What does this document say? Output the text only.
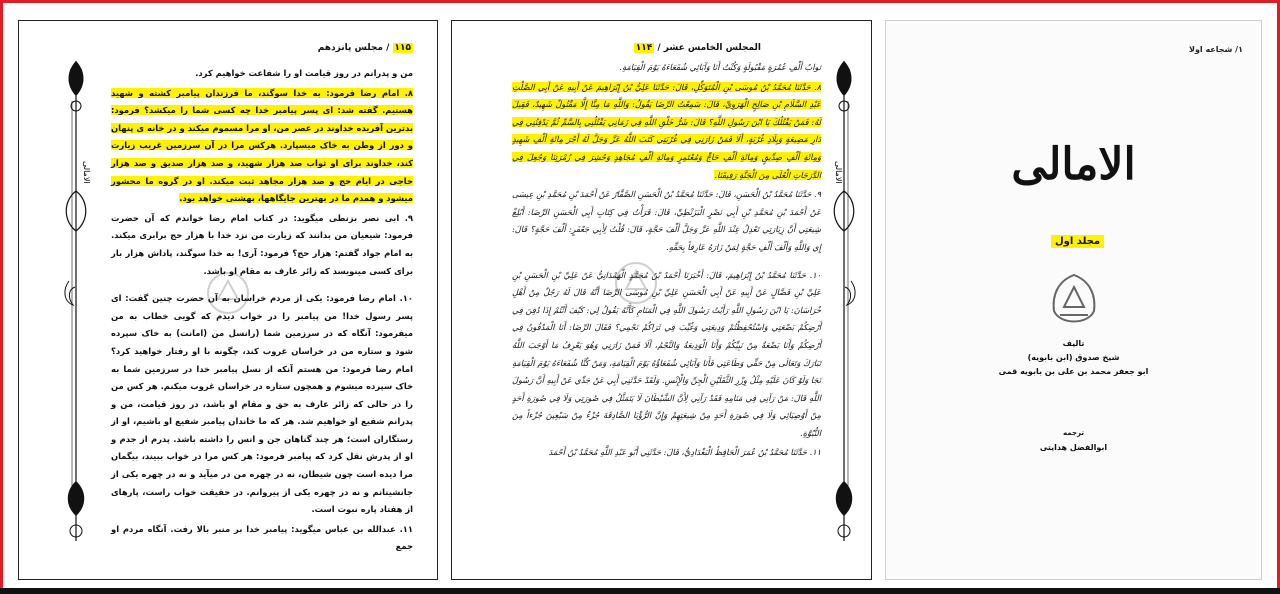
۱۱۵ / مجلس پانزدهم
الامالی

من و پدرانم در روز قیامت او را شفاعت خواهیم کرد.

۸. امام رضا فرمود: به خدا سوگند، ما فرزندان پیامبر کشته و شهید هستیم. گفته شد: ای پسر پیامبر خدا چه کسی شما را میکشد؟ فرمود: بدترین آفریده خداوند در عصر من، او مرا مسموم میکند و در خانه ی پنهان و دور از وطن به خاک میسپارد. هرکس مرا در آن سرزمین غریب زیارت کند، خداوند برای او ثواب صد هزار شهید، و صد هزار صدیق و صد هزار حاجی در ایام حج و صد هزار مجاهد ثبت میکند. او در گروه ما محشور میشود و همدم ما در بهترین جایگاهها، بهشتی خواهد بود.

۹. ابی نصر بزنطی میگوید: در کتاب امام رضا خواندم که آن حضرت فرمود: شیعیان من بدانند که زیارت من نزد خدا با هزار حج برابری میکند. به امام جواد گفتم: هزار حج؟ فرمود: آری! به خدا سوگند، پاداش هزار بار برای کسی مینویسد که زائر عارف به مقام او باشد.

۱۰. امام رضا فرمود: یکی از مردم خراسان به آن حضرت چنین گفت: ای پسر رسول خدا! من پیامبر را در خواب دیدم که گویی خطاب به من میفرمود: آنگاه که در سرزمین شما (رانسل من (امانت) به خاک سپرده شود و ستاره من در خراسان غروب کند، چگونه با او رفتار خواهید کرد؟ امام رضا فرمود: من هستم آنکه از نسل پیامبر خدا در سرزمین شما به خاک سپرده میشوم و همچون ستاره در خراسان غروب میکنم. هر کس من را در حالی که زائر عارف به حق و مقام او باشد، در روز قیامت، من و پدرانم شفیع او خواهیم شد. هر که ما خاندان پیامبر شفیع او باشیم، او از رستگاران است؛ هر چند گناهان جن و انس را داشته باشد. پدرم از جدم و او از پدرش نقل کرد که پیامبر فرمود: هر کس مرا در خواب ببیند، بیگمان مرا دیده است چون شیطان، نه در چهره من در میآید و نه در چهره یکی از جانشینانم و نه در چهره یکی از پیروانم. در حقیقت خواب راست، پارهای از هفتاد پاره نبوت است.

۱۱. عبدالله بن عباس میگوید: پیامبر خدا بر منبر بالا رفت. آنگاه مردم او جمع

المجلس الخامس عشر / ۱۱۴
الامالی

ثوابُ أَلْفِ عُمْرَةٍ مَقْبُولَةٍ وَكُنْتُ أَنَا وَآبَائِي شُفَعَاءَهُ يَوْمَ الْقِيَامَةِ.

٨. حَدَّثَنَا مُحَمَّدُ بْنُ مُوسَى بْنِ الْمُتَوَكِّلِ، قَالَ: حَدَّثَنَا عَلِيُّ بْنُ إِبْرَاهِيمَ عَنْ أَبِيهِ عَنْ أَبِي الصَّلْتِ عَبْدِ السَّلَامِ بْنِ صَالِحٍ الْهَرَوِيِّ، قَالَ: سَمِعْتُ الرِّضَا يَقُولُ: وَاللَّهِ مَا مِنَّا إِلَّا مَقْتُولٌ شَهِيدٌ، فَقِيلَ لَهُ: فَمَنْ يَقْتُلُكَ يَا ابْنَ رَسُولِ اللَّهِ؟ قَالَ: شَرُّ خَلْقِ اللَّهِ فِي زَمَانِي يَقْتُلُنِي بِالسَّمِّ ثُمَّ يَدْفِنُنِي فِي دَارِ مَضِيعَةٍ وَبِلَادِ غُرْبَةٍ، أَلَا فَمَنْ زَارَنِي فِي غُرْبَتِي كَتَبَ اللَّهُ عَزَّ وَجَلَّ لَهُ أَجْرَ مِائَةِ أَلْفِ شَهِيدٍ وَمِائَةِ أَلْفِ صِدِّيقٍ وَمِائَةِ أَلْفِ حَاجٍّ وَمُعْتَمِرٍ وَمِائَةِ أَلْفِ مُجَاهِدٍ وَحُشِرَ فِي زُمْرَتِنَا وَجُعِلَ فِي الدَّرَجَاتِ الْعُلَى مِنَ الْجَنَّةِ رَفِيقَنَا.

٩. حَدَّثَنَا مُحَمَّدُ بْنُ الْحَسَنِ، قَالَ: حَدَّثَنَا مُحَمَّدُ بْنُ الْحَسَنِ الصَّفَّارُ عَنْ أَحْمَدَ بْنِ مُحَمَّدِ بْنِ عِيسَى عَنْ أَحْمَدَ بْنِ مُحَمَّدِ بْنِ أَبِي نَصْرٍ الْبَزَنْطِيِّ، قَالَ: قَرَأْتُ فِي كِتَابِ أَبِي الْحَسَنِ الرِّضَا: أَبْلِغْ شِيعَتِي أَنَّ زِيَارَتِي تَعْدِلُ عِنْدَ اللَّهِ عَزَّ وَجَلَّ أَلْفَ حَجَّةٍ، قَالَ: قُلْتُ لِأَبِي جَعْفَرٍ: أَلْفَ حَجَّةٍ؟ قَالَ: إِي وَاللَّهِ وَأَلْفَ أَلْفِ حَجَّةٍ لِمَنْ زَارَهُ عَارِفاً بِحَقِّهِ.

١٠. حَدَّثَنَا مُحَمَّدُ بْنُ إِبْرَاهِيمَ، قَالَ: أَخْبَرَنَا أَحْمَدُ بْنُ مُحَمَّدٍ الْهَمْدَانِيُّ عَنْ عَلِيِّ بْنِ الْحَسَنِ بْنِ عَلِيِّ بْنِ فَضَّالٍ عَنْ أَبِيهِ عَنْ أَبِي الْحَسَنِ عَلِيِّ بْنِ مُوسَى الرِّضَا أَنَّهُ قَالَ لَهُ رَجُلٌ مِنْ أَهْلِ خُرَاسَانَ: يَا ابْنَ رَسُولِ اللَّهِ رَأَيْتُ رَسُولَ اللَّهِ فِي الْمَنَامِ كَأَنَّهُ يَقُولُ لِي: كَيْفَ أَنْتُمْ إِذَا دُفِنَ فِي أَرْضِكُمْ بَضْعَتِي وَاسْتُحْفِظْتُمْ وَدِيعَتِي وَغُيِّبَ فِي ثَرَاكُمْ نَجْمِي؟ فَقَالَ الرِّضَا: أَنَا الْمَدْفُونُ فِي أَرْضِكُمْ وَأَنَا بَضْعَةٌ مِنْ نَبِيِّكُمْ وَأَنَا الْوَدِيعَةُ وَالنَّجْمُ، أَلَا فَمَنْ زَارَنِي وَهُوَ يَعْرِفُ مَا أَوْجَبَ اللَّهُ تَبَارَكَ وَتَعَالَى مِنْ حَقِّي وَطَاعَتِي فَأَنَا وَآبَائِي شُفَعَاؤُهُ يَوْمَ الْقِيَامَةِ، وَمَنْ كُنَّا شُفَعَاءَهُ يَوْمَ الْقِيَامَةِ نَجَا وَلَوْ كَانَ عَلَيْهِ مِثْلُ وِزْرِ الثَّقَلَيْنِ الْجِنِّ وَالْإِنْسِ. وَلَقَدْ حَدَّثَنِي أَبِي عَنْ جَدِّي عَنْ أَبِيهِ أَنَّ رَسُولَ اللَّهِ قَالَ: مَنْ رَآنِي فِي مَنَامِهِ فَقَدْ رَآنِي لِأَنَّ الشَّيْطَانَ لَا يَتَمَثَّلُ فِي صُورَتِي وَلَا فِي صُورَةِ أَحَدٍ مِنْ أَوْصِيَائِي وَلَا فِي صُورَةِ أَحَدٍ مِنْ شِيعَتِهِمْ وَإِنَّ الرُّؤْيَا الصَّادِقَةَ جُزْءٌ مِنْ سَبْعِينَ جُزْءاً مِنَ النُّبُوَّةِ.

١١. حَدَّثَنَا مُحَمَّدُ بْنُ عُمَرَ الْحَافِظُ الْبَغْدَادِيُّ، قَالَ: حَدَّثَنِي أَبُو عَبْدِ اللَّهِ مُحَمَّدُ بْنُ أَحْمَدَ

۱/ شجاعه اولا
الامالی
مجلد اول
تالیف
شیخ صدوق (ابن بابویه)
ابو جعفر محمد بن علی بن بابویه قمی
ترجمه
ابوالفضل هدایتی
